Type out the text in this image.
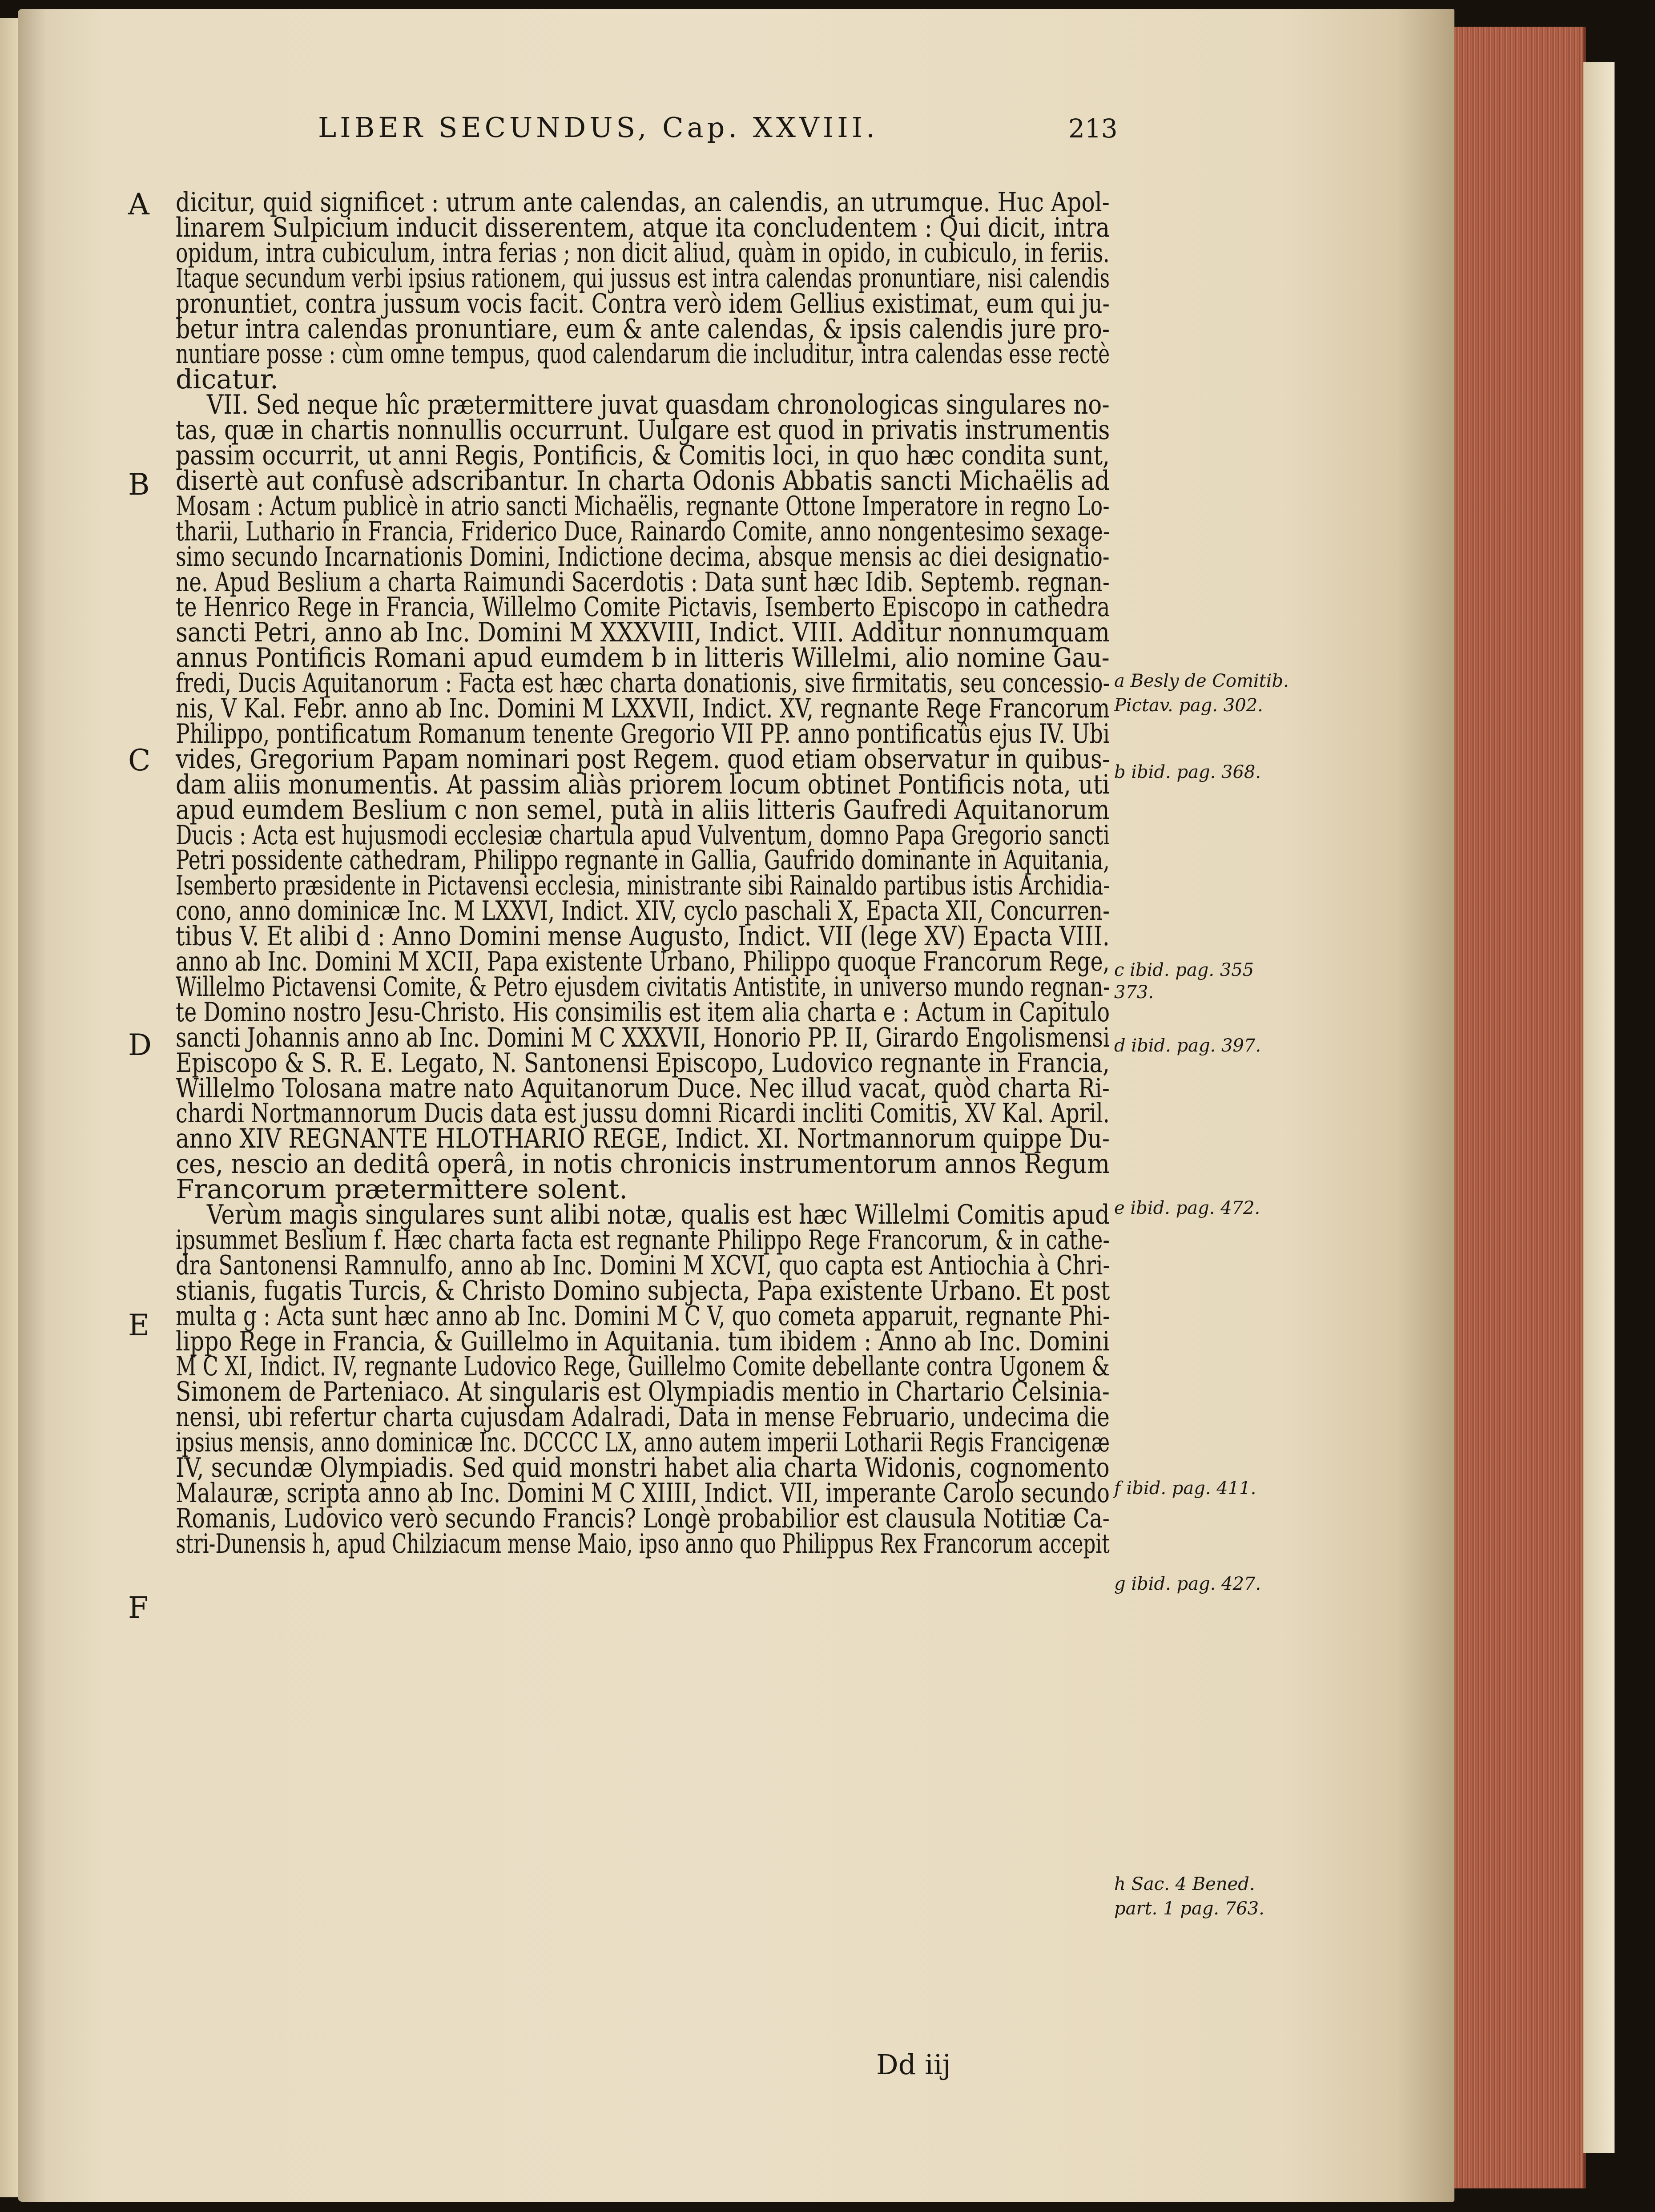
LIBER SECUNDUS, Cap. XXVIII.	213
A
B
C
D
E
F
dicitur, quid significet : utrum ante calendas, an calendis, an utrumque. Huc Apol-
linarem Sulpicium inducit disserentem, atque ita concludentem : Qui dicit, intra
opidum, intra cubiculum, intra ferias ; non dicit aliud, quàm in opido, in cubiculo, in feriis.
Itaque secundum verbi ipsius rationem, qui jussus est intra calendas pronuntiare, nisi calendis
pronuntiet, contra jussum vocis facit. Contra verò idem Gellius existimat, eum qui ju-
betur intra calendas pronuntiare, eum & ante calendas, & ipsis calendis jure pro-
nuntiare posse : cùm omne tempus, quod calendarum die includitur, intra calendas esse rectè
dicatur.
VII. Sed neque hîc prætermittere juvat quasdam chronologicas singulares no-
tas, quæ in chartis nonnullis occurrunt. Uulgare est quod in privatis instrumentis
passim occurrit, ut anni Regis, Pontificis, & Comitis loci, in quo hæc condita sunt,
disertè aut confusè adscribantur. In charta Odonis Abbatis sancti Michaëlis ad
Mosam : Actum publicè in atrio sancti Michaëlis, regnante Ottone Imperatore in regno Lo-
tharii, Luthario in Francia, Friderico Duce, Rainardo Comite, anno nongentesimo sexage-
simo secundo Incarnationis Domini, Indictione decima, absque mensis ac diei designatio-
ne. Apud Beslium a charta Raimundi Sacerdotis : Data sunt hæc Idib. Septemb. regnan-
te Henrico Rege in Francia, Willelmo Comite Pictavis, Isemberto Episcopo in cathedra
sancti Petri, anno ab Inc. Domini M XXXVIII, Indict. VIII. Additur nonnumquam
annus Pontificis Romani apud eumdem b in litteris Willelmi, alio nomine Gau-
fredi, Ducis Aquitanorum : Facta est hæc charta donationis, sive firmitatis, seu concessio-
nis, V Kal. Febr. anno ab Inc. Domini M LXXVII, Indict. XV, regnante Rege Francorum
Philippo, pontificatum Romanum tenente Gregorio VII PP. anno pontificatûs ejus IV. Ubi
vides, Gregorium Papam nominari post Regem. quod etiam observatur in quibus-
dam aliis monumentis. At passim aliàs priorem locum obtinet Pontificis nota, uti
apud eumdem Beslium c non semel, putà in aliis litteris Gaufredi Aquitanorum
Ducis : Acta est hujusmodi ecclesiæ chartula apud Vulventum, domno Papa Gregorio sancti
Petri possidente cathedram, Philippo regnante in Gallia, Gaufrido dominante in Aquitania,
Isemberto præsidente in Pictavensi ecclesia, ministrante sibi Rainaldo partibus istis Archidia-
cono, anno dominicæ Inc. M LXXVI, Indict. XIV, cyclo paschali X, Epacta XII, Concurren-
tibus V. Et alibi d : Anno Domini mense Augusto, Indict. VII (lege XV) Epacta VIII.
anno ab Inc. Domini M XCII, Papa existente Urbano, Philippo quoque Francorum Rege,
Willelmo Pictavensi Comite, & Petro ejusdem civitatis Antistite, in universo mundo regnan-
te Domino nostro Jesu-Christo. His consimilis est item alia charta e : Actum in Capitulo
sancti Johannis anno ab Inc. Domini M C XXXVII, Honorio PP. II, Girardo Engolismensi
Episcopo & S. R. E. Legato, N. Santonensi Episcopo, Ludovico regnante in Francia,
Willelmo Tolosana matre nato Aquitanorum Duce. Nec illud vacat, quòd charta Ri-
chardi Nortmannorum Ducis data est jussu domni Ricardi incliti Comitis, XV Kal. April.
anno XIV REGNANTE HLOTHARIO REGE, Indict. XI. Nortmannorum quippe Du-
ces, nescio an deditâ operâ, in notis chronicis instrumentorum annos Regum
Francorum prætermittere solent.
Verùm magis singulares sunt alibi notæ, qualis est hæc Willelmi Comitis apud
ipsummet Beslium f. Hæc charta facta est regnante Philippo Rege Francorum, & in cathe-
dra Santonensi Ramnulfo, anno ab Inc. Domini M XCVI, quo capta est Antiochia à Chri-
stianis, fugatis Turcis, & Christo Domino subjecta, Papa existente Urbano. Et post
multa g : Acta sunt hæc anno ab Inc. Domini M C V, quo cometa apparuit, regnante Phi-
lippo Rege in Francia, & Guillelmo in Aquitania. tum ibidem : Anno ab Inc. Domini
M C XI, Indict. IV, regnante Ludovico Rege, Guillelmo Comite debellante contra Ugonem &
Simonem de Parteniaco. At singularis est Olympiadis mentio in Chartario Celsinia-
nensi, ubi refertur charta cujusdam Adalradi, Data in mense Februario, undecima die
ipsius mensis, anno dominicæ Inc. DCCCC LX, anno autem imperii Lotharii Regis Francigenæ
IV, secundæ Olympiadis. Sed quid monstri habet alia charta Widonis, cognomento
Malauræ, scripta anno ab Inc. Domini M C XIIII, Indict. VII, imperante Carolo secundo
Romanis, Ludovico verò secundo Francis? Longè probabilior est clausula Notitiæ Ca-
stri-Dunensis h, apud Chilziacum mense Maio, ipso anno quo Philippus Rex Francorum accepit
a Besly de Comitib.
Pictav. pag. 302.
b ibid. pag. 368.
c ibid. pag. 355
373.
d ibid. pag. 397.
e ibid. pag. 472.
f ibid. pag. 411.
g ibid. pag. 427.
h Sac. 4 Bened.
part. 1 pag. 763.
Dd iij
